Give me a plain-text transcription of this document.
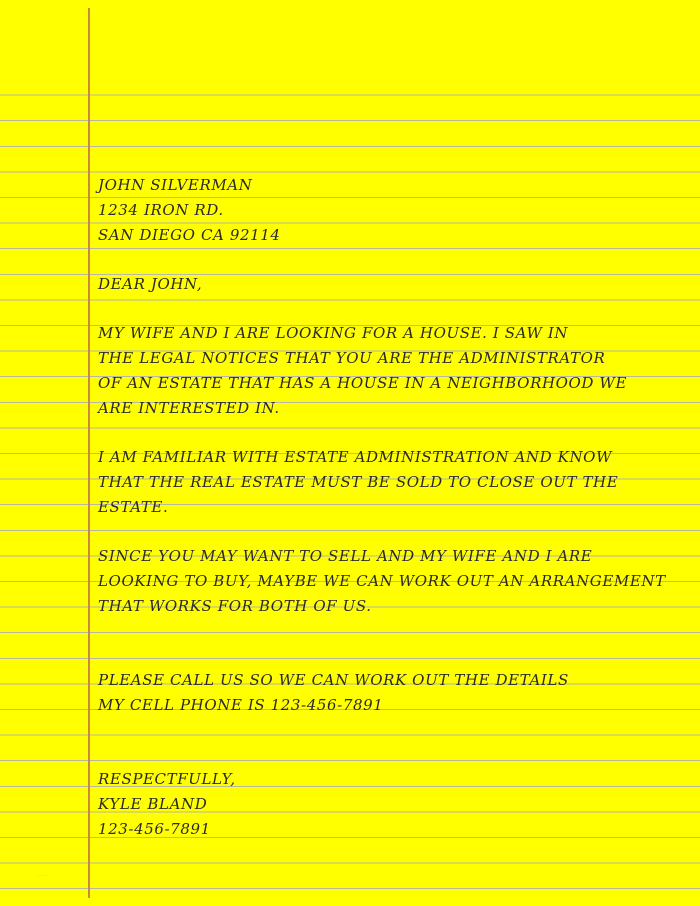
JOHN SILVERMAN
1234 IRON RD.
SAN DIEGO CA 92114
DEAR JOHN,
MY WIFE AND I ARE LOOKING FOR A HOUSE. I SAW IN
THE LEGAL NOTICES THAT YOU ARE THE ADMINISTRATOR
OF AN ESTATE THAT HAS A HOUSE IN A NEIGHBORHOOD WE
ARE INTERESTED IN.
I AM FAMILIAR WITH ESTATE ADMINISTRATION AND KNOW
THAT THE REAL ESTATE MUST BE SOLD TO CLOSE OUT THE
ESTATE.
SINCE YOU MAY WANT TO SELL AND MY WIFE AND I ARE
LOOKING TO BUY, MAYBE WE CAN WORK OUT AN ARRANGEMENT
THAT WORKS FOR BOTH OF US.
PLEASE CALL US SO WE CAN WORK OUT THE DETAILS
MY CELL PHONE IS 123-456-7891
RESPECTFULLY,
KYLE BLAND
123-456-7891
. . .
